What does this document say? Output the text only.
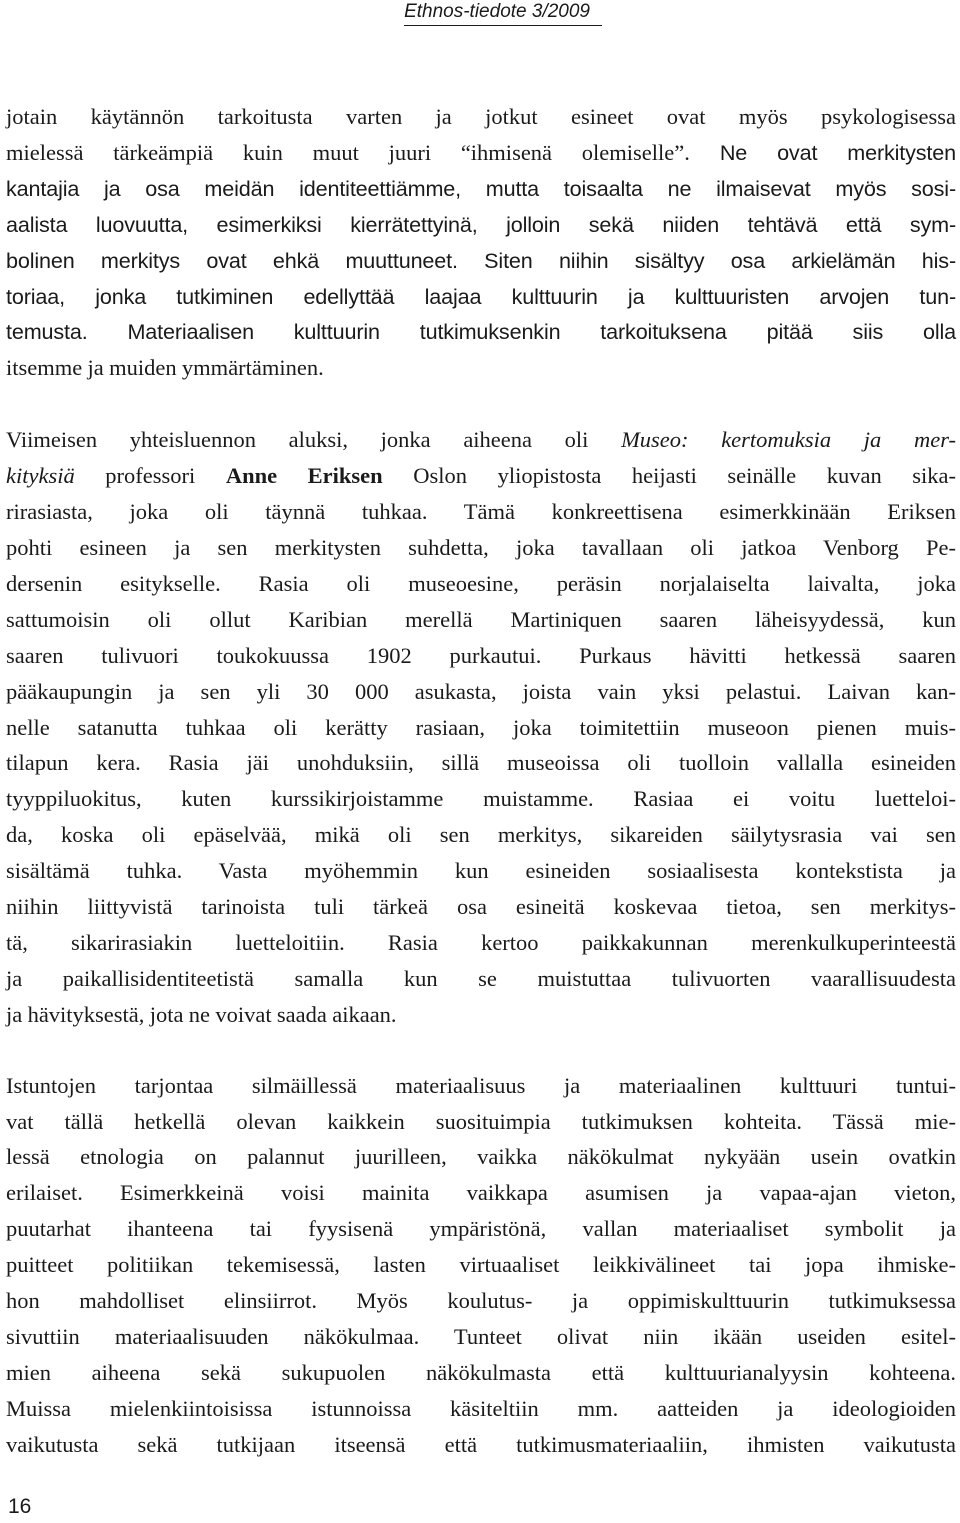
Ethnos-tiedote 3/2009

jotain käytännön tarkoitusta varten ja jotkut esineet ovat myös psykologisessa
mielessä tärkeämpiä kuin muut juuri “ihmisenä olemiselle”. Ne ovat merkitysten
kantajia ja osa meidän identiteettiämme, mutta toisaalta ne ilmaisevat myös sosi-
aalista luovuutta, esimerkiksi kierrätettyinä, jolloin sekä niiden tehtävä että sym-
bolinen merkitys ovat ehkä muuttuneet. Siten niihin sisältyy osa arkielämän his-
toriaa, jonka tutkiminen edellyttää laajaa kulttuurin ja kulttuuristen arvojen tun-
temusta. Materiaalisen kulttuurin tutkimuksenkin tarkoituksena pitää siis olla
itsemme ja muiden ymmärtäminen.

Viimeisen yhteisluennon aluksi, jonka aiheena oli Museo: kertomuksia ja mer-
kityksiä professori Anne Eriksen Oslon yliopistosta heijasti seinälle kuvan sika-
rirasiasta, joka oli täynnä tuhkaa. Tämä konkreettisena esimerkkinään Eriksen
pohti esineen ja sen merkitysten suhdetta, joka tavallaan oli jatkoa Venborg Pe-
dersenin esitykselle. Rasia oli museoesine, peräsin norjalaiselta laivalta, joka
sattumoisin oli ollut Karibian merellä Martiniquen saaren läheisyydessä, kun
saaren tulivuori toukokuussa 1902 purkautui. Purkaus hävitti hetkessä saaren
pääkaupungin ja sen yli 30 000 asukasta, joista vain yksi pelastui. Laivan kan-
nelle satanutta tuhkaa oli kerätty rasiaan, joka toimitettiin museoon pienen muis-
tilapun kera. Rasia jäi unohduksiin, sillä museoissa oli tuolloin vallalla esineiden
tyyppiluokitus, kuten kurssikirjoistamme muistamme. Rasiaa ei voitu luetteloi-
da, koska oli epäselvää, mikä oli sen merkitys, sikareiden säilytysrasia vai sen
sisältämä tuhka. Vasta myöhemmin kun esineiden sosiaalisesta kontekstista ja
niihin liittyvistä tarinoista tuli tärkeä osa esineitä koskevaa tietoa, sen merkitys-
tä, sikarirasiakin luetteloitiin. Rasia kertoo paikkakunnan merenkulkuperinteestä
ja paikallisidentiteetistä samalla kun se muistuttaa tulivuorten vaarallisuudesta
ja hävityksestä, jota ne voivat saada aikaan.

Istuntojen tarjontaa silmäillessä materiaalisuus ja materiaalinen kulttuuri tuntui-
vat tällä hetkellä olevan kaikkein suosituimpia tutkimuksen kohteita. Tässä mie-
lessä etnologia on palannut juurilleen, vaikka näkökulmat nykyään usein ovatkin
erilaiset. Esimerkkeinä voisi mainita vaikkapa asumisen ja vapaa-ajan vieton,
puutarhat ihanteena tai fyysisenä ympäristönä, vallan materiaaliset symbolit ja
puitteet politiikan tekemisessä, lasten virtuaaliset leikkivälineet tai jopa ihmiske-
hon mahdolliset elinsiirrot. Myös koulutus- ja oppimiskulttuurin tutkimuksessa
sivuttiin materiaalisuuden näkökulmaa. Tunteet olivat niin ikään useiden esitel-
mien aiheena sekä sukupuolen näkökulmasta että kulttuurianalyysin kohteena.
Muissa mielenkiintoisissa istunnoissa käsiteltiin mm. aatteiden ja ideologioiden
vaikutusta sekä tutkijaan itseensä että tutkimusmateriaaliin, ihmisten vaikutusta

16
